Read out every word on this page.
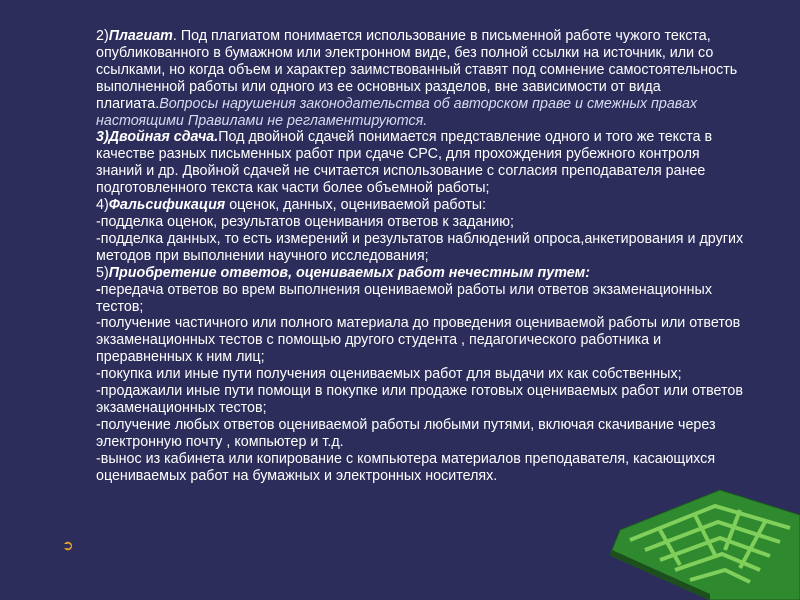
➲

2)Плагиат. Под плагиатом понимается использование в письменной работе чужого текста, опубликованного в бумажном или электронном виде, без полной ссылки на источник, или со ссылками, но когда объем и характер заимствованный ставят под сомнение самостоятельность выполненной работы или одного из ее основных разделов, вне зависимости от вида плагиата.Вопросы нарушения законодательства об авторском праве и смежных правах настоящими Правилами не регламентируются.

3)Двойная сдача.Под двойной сдачей понимается представление одного и того же текста в качестве разных письменных работ при сдаче СРС, для прохождения рубежного контроля знаний и др. Двойной сдачей не считается использование с согласия преподавателя ранее подготовленного текста как части более объемной работы;

4)Фальсификация оценок, данных, оцениваемой работы:

-подделка оценок, результатов оценивания ответов к заданию;

-подделка данных, то есть измерений и результатов наблюдений опроса,анкетирования и других методов при выполнении научного исследования;

5)Приобретение ответов, оцениваемых работ нечестным путем:

-передача ответов во врем выполнения оцениваемой работы или ответов экзаменационных тестов;

-получение частичного или полного материала до проведения оцениваемой работы или ответов экзаменационных тестов с помощью другого студента , педагогического работника и преравненных к ним лиц;

-покупка или иные пути получения оцениваемых работ для выдачи их как собственных;

-продажаили иные пути помощи в покупке или продаже готовых оцениваемых работ или ответов экзаменационных тестов;

-получение любых ответов оцениваемой работы любыми путями, включая скачивание через электронную почту , компьютер и т.д.

-вынос из кабинета или копирование с компьютера материалов преподавателя, касающихся оцениваемых работ на бумажных и электронных носителях.
